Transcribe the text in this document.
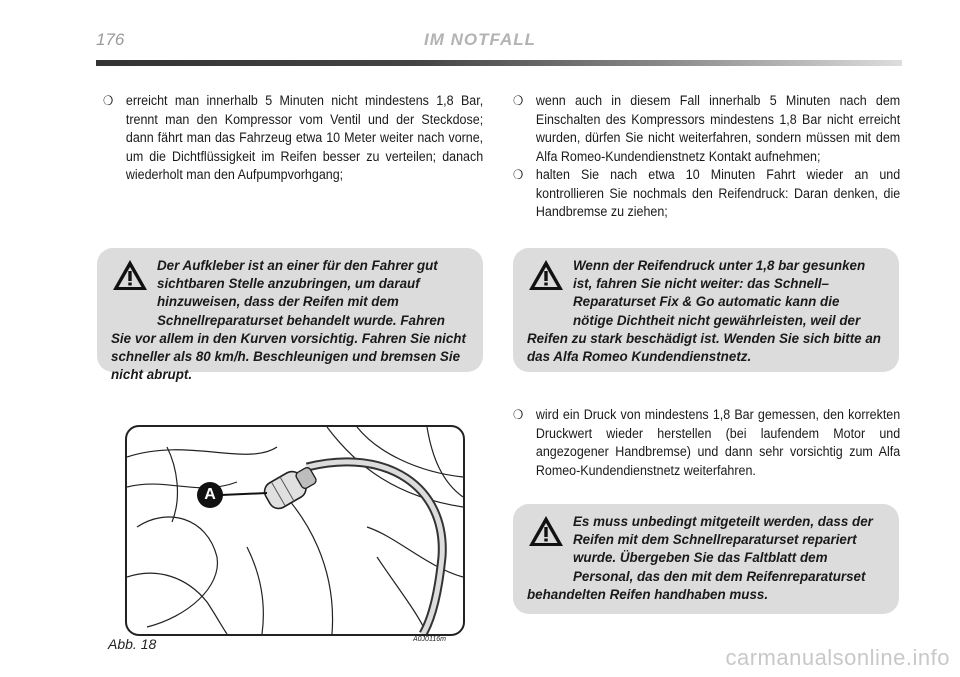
176	IM NOTFALL
❍ erreicht man innerhalb 5 Minuten nicht mindestens 1,8 Bar, trennt man den Kompressor vom Ventil und der Steckdose; dann fährt man das Fahrzeug etwa 10 Meter weiter nach vorne, um die Dichtflüssigkeit im Reifen besser zu verteilen; danach wiederholt man den Aufpumpvorhgang;
Der Aufkleber ist an einer für den Fahrer gut sichtbaren Stelle anzubringen, um darauf hinzuweisen, dass der Reifen mit dem Schnellreparaturset behandelt wurde. Fahren Sie vor allem in den Kurven vorsichtig. Fahren Sie nicht schneller als 80 km/h. Beschleunigen und bremsen Sie nicht abrupt.
A
Abb. 18	A0J0116m
❍ wenn auch in diesem Fall innerhalb 5 Minuten nach dem Einschalten des Kompressors mindestens 1,8 Bar nicht erreicht wurden, dürfen Sie nicht weiterfahren, sondern müssen mit dem Alfa Romeo-Kundendienstnetz Kontakt aufnehmen;
❍ halten Sie nach etwa 10 Minuten Fahrt wieder an und kontrollieren Sie nochmals den Reifendruck: Daran denken, die Handbremse zu ziehen;
Wenn der Reifendruck unter 1,8 bar gesunken ist, fahren Sie nicht weiter: das Schnell– Reparaturset Fix & Go automatic kann die nötige Dichtheit nicht gewährleisten, weil der Reifen zu stark beschädigt ist. Wenden Sie sich bitte an das Alfa Romeo Kundendienstnetz.
❍ wird ein Druck von mindestens 1,8 Bar gemessen, den korrekten Druckwert wieder herstellen (bei laufendem Motor und angezogener Handbremse) und dann sehr vorsichtig zum Alfa Romeo-Kundendienstnetz weiterfahren.
Es muss unbedingt mitgeteilt werden, dass der Reifen mit dem Schnellreparaturset repariert wurde. Übergeben Sie das Faltblatt dem Personal, das den mit dem Reifenreparaturset behandelten Reifen handhaben muss.
carmanualsonline.info
